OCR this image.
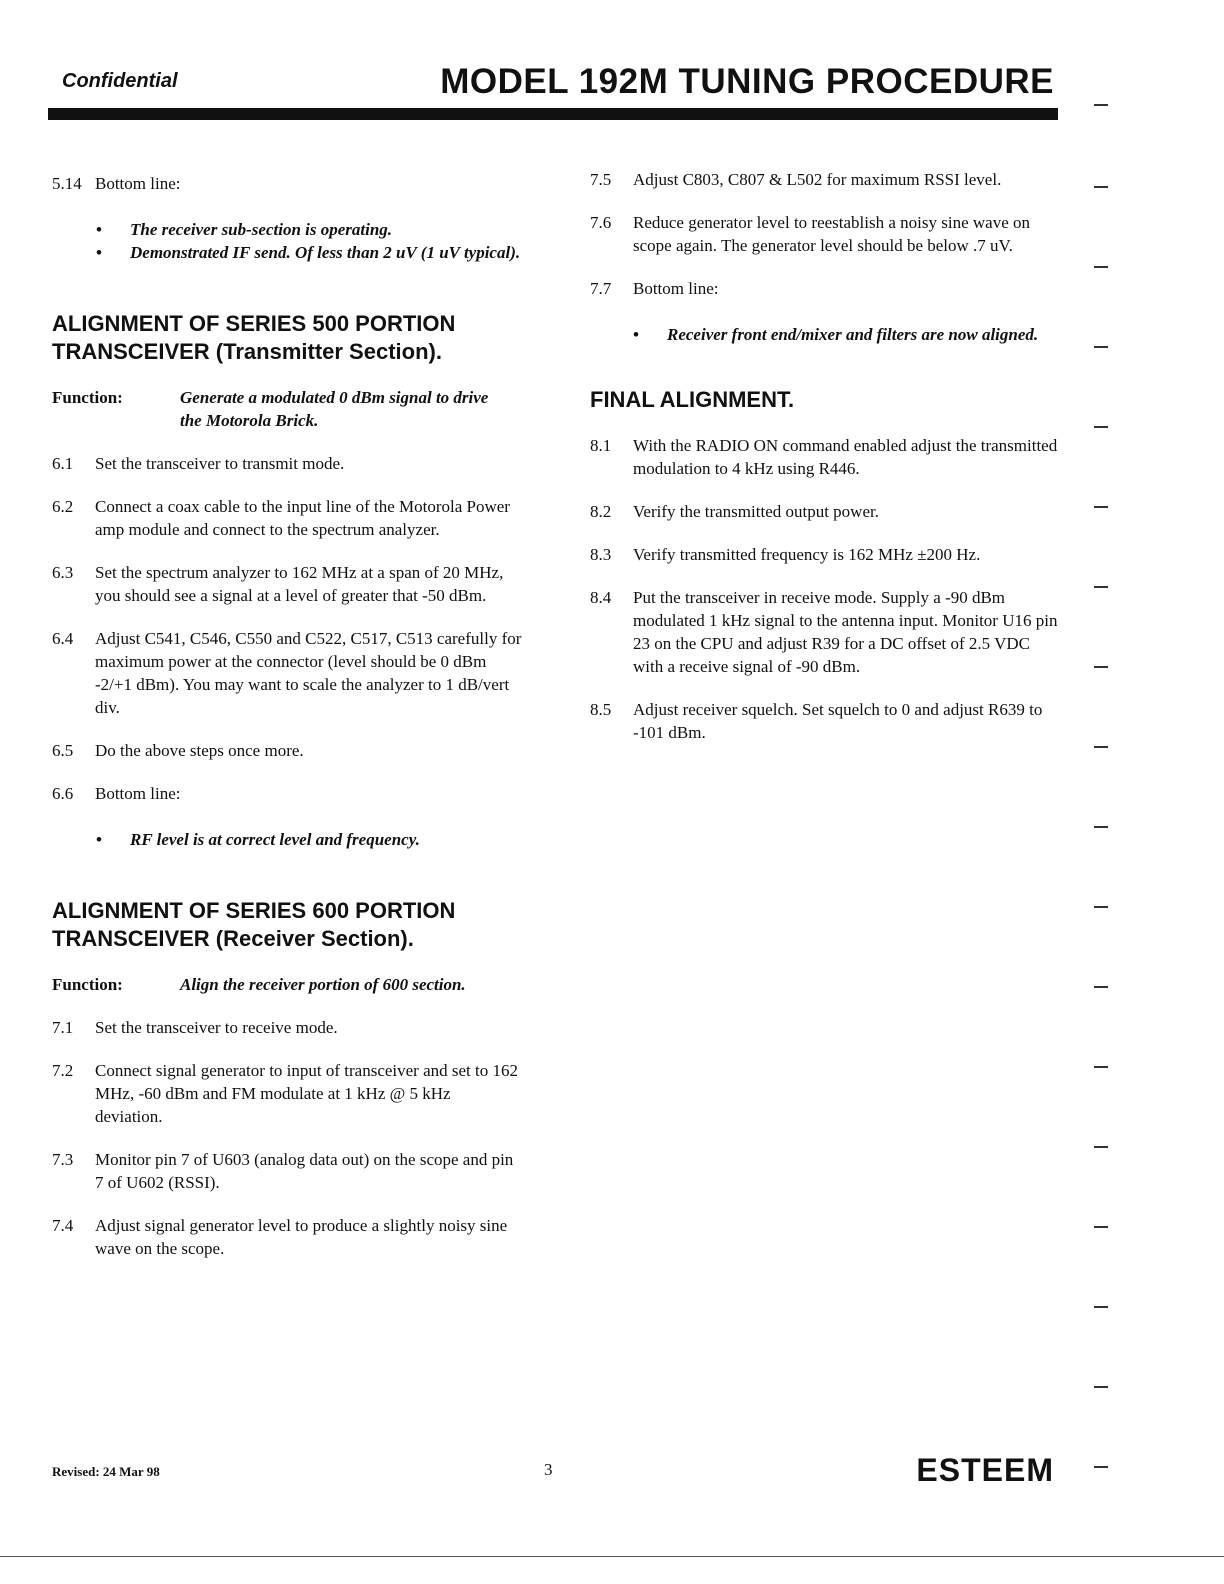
Confidential	MODEL 192M TUNING PROCEDURE
5.14 Bottom line:
• The receiver sub-section is operating.
• Demonstrated IF send. Of less than 2 uV (1 uV typical).
ALIGNMENT OF SERIES 500 PORTION TRANSCEIVER (Transmitter Section).
Function:	Generate a modulated 0 dBm signal to drive the Motorola Brick.
6.1	Set the transceiver to transmit mode.
6.2	Connect a coax cable to the input line of the Motorola Power amp module and connect to the spectrum analyzer.
6.3	Set the spectrum analyzer to 162 MHz at a span of 20 MHz, you should see a signal at a level of greater that -50 dBm.
6.4	Adjust C541, C546, C550 and C522, C517, C513 carefully for maximum power at the connector (level should be 0 dBm -2/+1 dBm). You may want to scale the analyzer to 1 dB/vert div.
6.5	Do the above steps once more.
6.6	Bottom line:
• RF level is at correct level and frequency.
ALIGNMENT OF SERIES 600 PORTION TRANSCEIVER (Receiver Section).
Function:	Align the receiver portion of 600 section.
7.1	Set the transceiver to receive mode.
7.2	Connect signal generator to input of transceiver and set to 162 MHz, -60 dBm and FM modulate at 1 kHz @ 5 kHz deviation.
7.3	Monitor pin 7 of U603 (analog data out) on the scope and pin 7 of U602 (RSSI).
7.4	Adjust signal generator level to produce a slightly noisy sine wave on the scope.
7.5	Adjust C803, C807 & L502 for maximum RSSI level.
7.6	Reduce generator level to reestablish a noisy sine wave on scope again. The generator level should be below .7 uV.
7.7	Bottom line:
• Receiver front end/mixer and filters are now aligned.
FINAL ALIGNMENT.
8.1	With the RADIO ON command enabled adjust the transmitted modulation to 4 kHz using R446.
8.2	Verify the transmitted output power.
8.3	Verify transmitted frequency is 162 MHz ±200 Hz.
8.4	Put the transceiver in receive mode. Supply a -90 dBm modulated 1 kHz signal to the antenna input. Monitor U16 pin 23 on the CPU and adjust R39 for a DC offset of 2.5 VDC with a receive signal of -90 dBm.
8.5	Adjust receiver squelch. Set squelch to 0 and adjust R639 to -101 dBm.
Revised: 24 Mar 98	3	ESTEEM
